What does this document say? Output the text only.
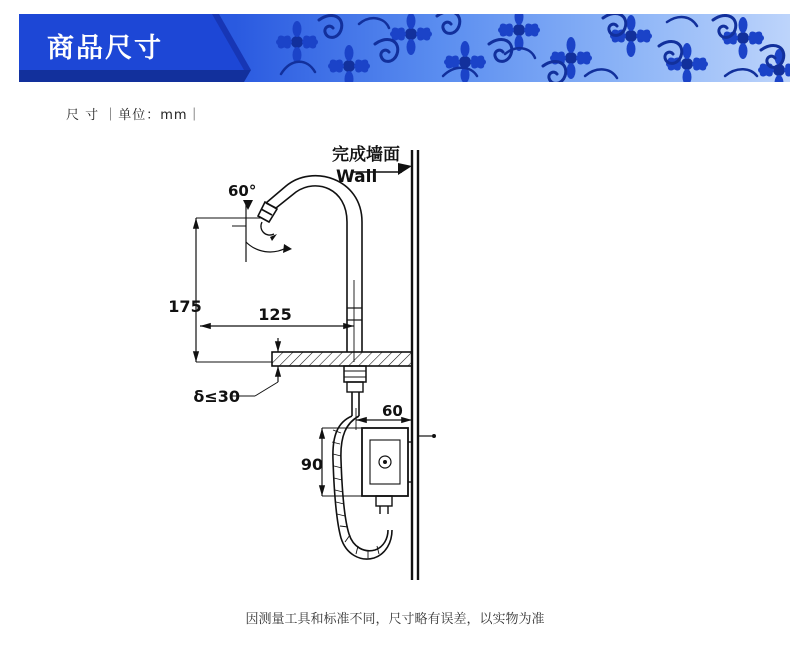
商品尺寸
尺 寸 ｜单位：mm｜
完成墙面
Wall
60°
175	125
δ≤30
60
90
因测量工具和标准不同，尺寸略有误差，以实物为准
